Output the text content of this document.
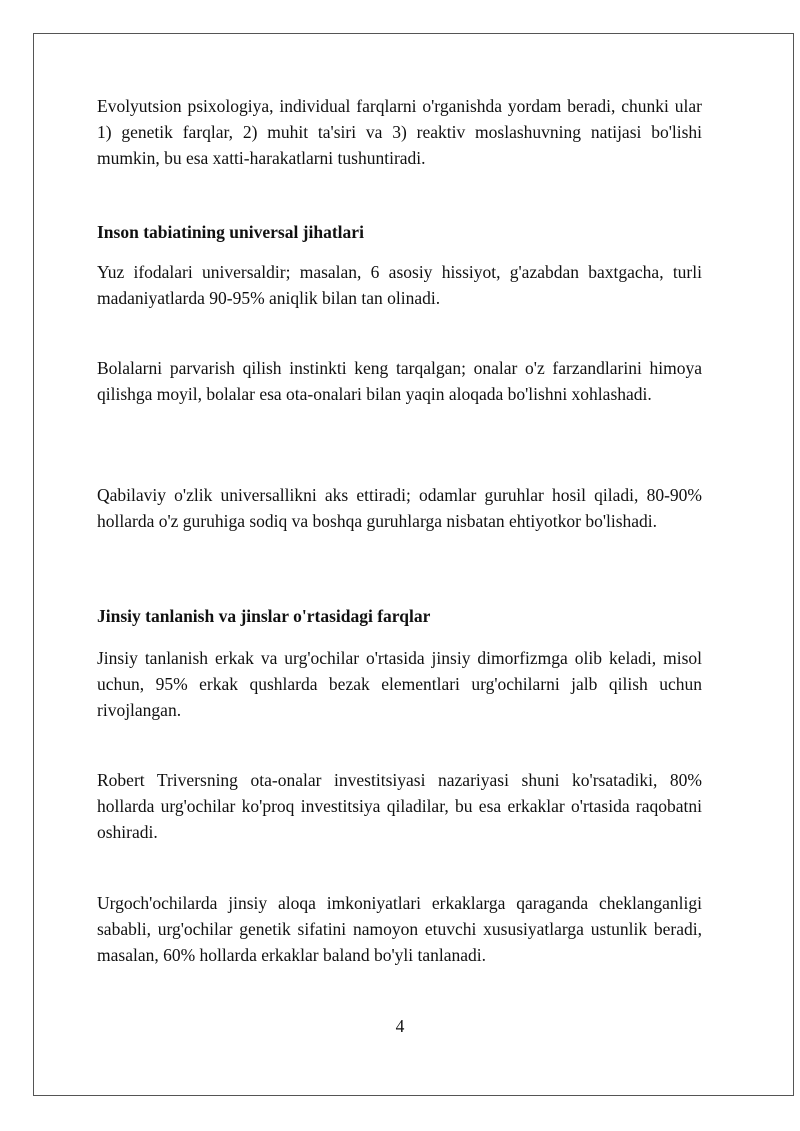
Evolyutsion psixologiya, individual farqlarni o'rganishda yordam beradi, chunki ular 1) genetik farqlar, 2) muhit ta'siri va 3) reaktiv moslashuvning natijasi bo'lishi mumkin, bu esa xatti-harakatlarni tushuntiradi.

Inson tabiatining universal jihatlari

Yuz ifodalari universaldir; masalan, 6 asosiy hissiyot, g'azabdan baxtgacha, turli madaniyatlarda 90-95% aniqlik bilan tan olinadi.

Bolalarni parvarish qilish instinkti keng tarqalgan; onalar o'z farzandlarini himoya qilishga moyil, bolalar esa ota-onalari bilan yaqin aloqada bo'lishni xohlashadi.

Qabilaviy o'zlik universallikni aks ettiradi; odamlar guruhlar hosil qiladi, 80-90% hollarda o'z guruhiga sodiq va boshqa guruhlarga nisbatan ehtiyotkor bo'lishadi.

Jinsiy tanlanish va jinslar o'rtasidagi farqlar

Jinsiy tanlanish erkak va urg'ochilar o'rtasida jinsiy dimorfizmga olib keladi, misol uchun, 95% erkak qushlarda bezak elementlari urg'ochilarni jalb qilish uchun rivojlangan.

Robert Triversning ota-onalar investitsiyasi nazariyasi shuni ko'rsatadiki, 80% hollarda urg'ochilar ko'proq investitsiya qiladilar, bu esa erkaklar o'rtasida raqobatni oshiradi.

Urgoch'ochilarda jinsiy aloqa imkoniyatlari erkaklarga qaraganda cheklanganligi sababli, urg'ochilar genetik sifatini namoyon etuvchi xususiyatlarga ustunlik beradi, masalan, 60% hollarda erkaklar baland bo'yli tanlanadi.

4
